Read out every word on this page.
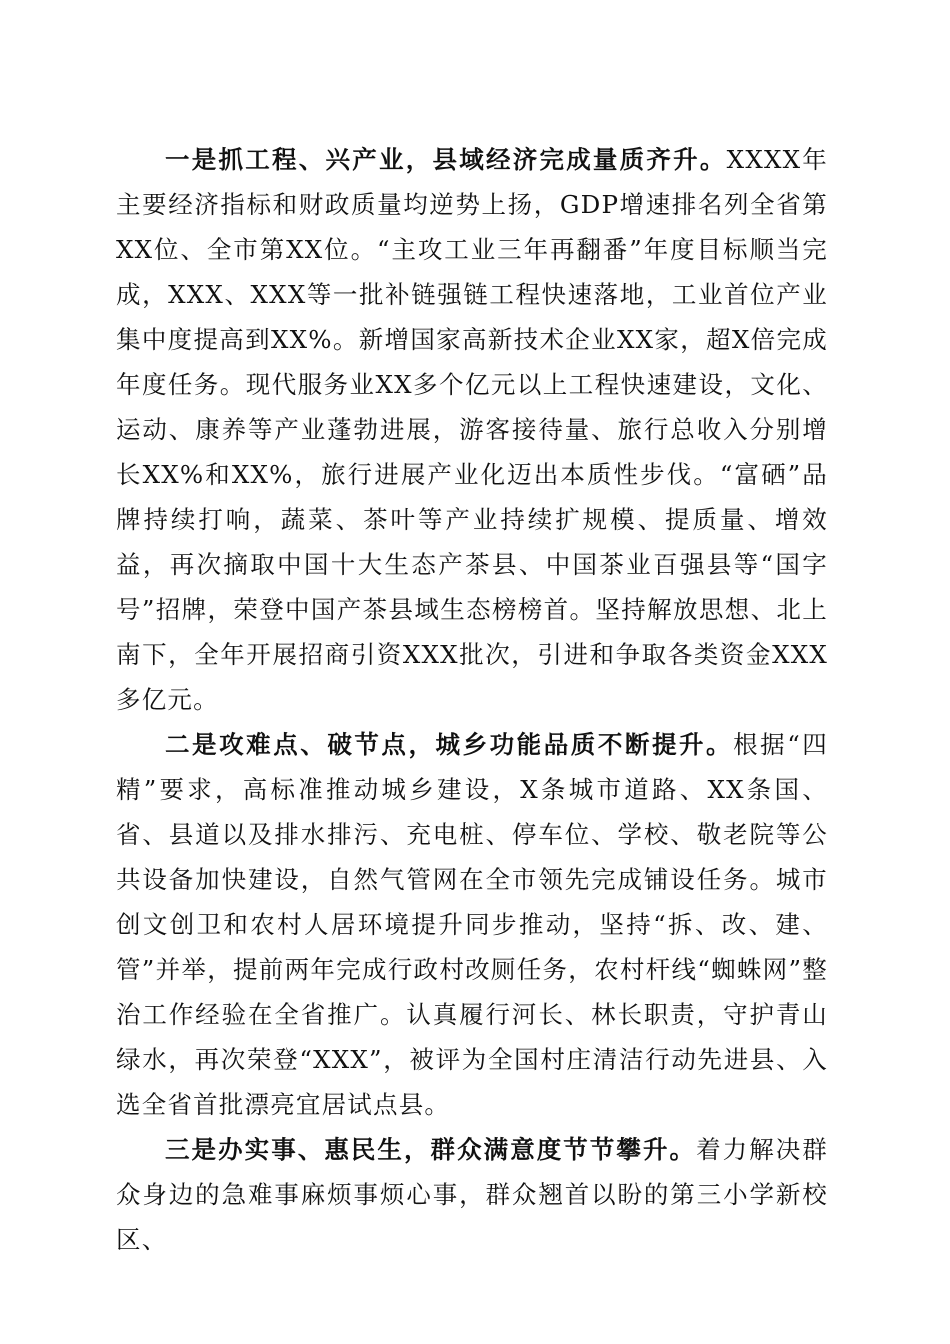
一是抓工程、兴产业，县域经济完成量质齐升。XXXX年主要经济指标和财政质量均逆势上扬，GDP增速排名列全省第XX位、全市第XX位。“主攻工业三年再翻番”年度目标顺当完成，XXX、XXX等一批补链强链工程快速落地，工业首位产业集中度提高到XX%。新增国家高新技术企业XX家，超X倍完成年度任务。现代服务业XX多个亿元以上工程快速建设，文化、运动、康养等产业蓬勃进展，游客接待量、旅行总收入分别增长XX%和XX%，旅行进展产业化迈出本质性步伐。“富硒”品牌持续打响，蔬菜、茶叶等产业持续扩规模、提质量、增效益，再次摘取中国十大生态产茶县、中国茶业百强县等“国字号”招牌，荣登中国产茶县域生态榜榜首。坚持解放思想、北上南下，全年开展招商引资XXX批次，引进和争取各类资金XXX多亿元。

二是攻难点、破节点，城乡功能品质不断提升。根据“四精”要求，高标准推动城乡建设，X条城市道路、XX条国、省、县道以及排水排污、充电桩、停车位、学校、敬老院等公共设备加快建设，自然气管网在全市领先完成铺设任务。城市创文创卫和农村人居环境提升同步推动，坚持“拆、改、建、管”并举，提前两年完成行政村改厕任务，农村杆线“蜘蛛网”整治工作经验在全省推广。认真履行河长、林长职责，守护青山绿水，再次荣登“XXX”，被评为全国村庄清洁行动先进县、入选全省首批漂亮宜居试点县。

三是办实事、惠民生，群众满意度节节攀升。着力解决群众身边的急难事麻烦事烦心事，群众翘首以盼的第三小学新校区、
